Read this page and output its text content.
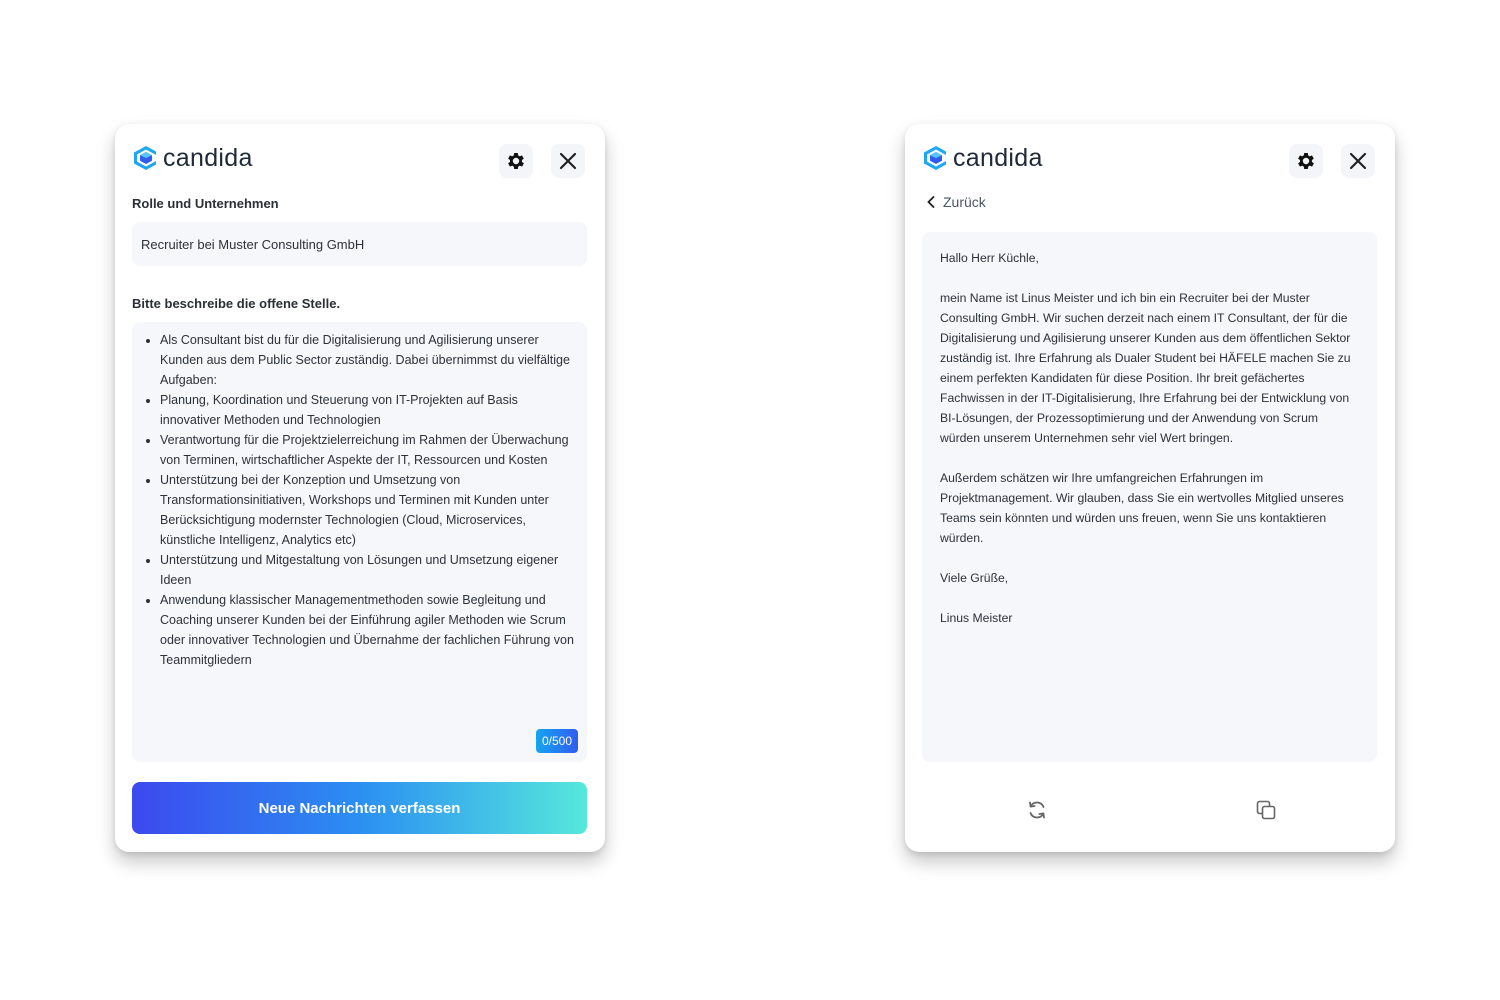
candida
Rolle und Unternehmen
Recruiter bei Muster Consulting GmbH
Bitte beschreibe die offene Stelle.
• Als Consultant bist du für die Digitalisierung und Agilisierung unserer Kunden aus dem Public Sector zuständig. Dabei übernimmst du vielfältige Aufgaben:
• Planung, Koordination und Steuerung von IT-Projekten auf Basis innovativer Methoden und Technologien
• Verantwortung für die Projektzielerreichung im Rahmen der Überwachung von Terminen, wirtschaftlicher Aspekte der IT, Ressourcen und Kosten
• Unterstützung bei der Konzeption und Umsetzung von Transformationsinitiativen, Workshops und Terminen mit Kunden unter Berücksichtigung modernster Technologien (Cloud, Microservices, künstliche Intelligenz, Analytics etc)
• Unterstützung und Mitgestaltung von Lösungen und Umsetzung eigener Ideen
• Anwendung klassischer Managementmethoden sowie Begleitung und Coaching unserer Kunden bei der Einführung agiler Methoden wie Scrum oder innovativer Technologien und Übernahme der fachlichen Führung von Teammitgliedern
0/500
Neue Nachrichten verfassen
candida
Zurück

Hallo Herr Küchle,

mein Name ist Linus Meister und ich bin ein Recruiter bei der Muster Consulting GmbH. Wir suchen derzeit nach einem IT Consultant, der für die Digitalisierung und Agilisierung unserer Kunden aus dem öffentlichen Sektor zuständig ist. Ihre Erfahrung als Dualer Student bei HÄFELE machen Sie zu einem perfekten Kandidaten für diese Position. Ihr breit gefächertes Fachwissen in der IT-Digitalisierung, Ihre Erfahrung bei der Entwicklung von BI-Lösungen, der Prozessoptimierung und der Anwendung von Scrum würden unserem Unternehmen sehr viel Wert bringen.

Außerdem schätzen wir Ihre umfangreichen Erfahrungen im Projektmanagement. Wir glauben, dass Sie ein wertvolles Mitglied unseres Teams sein könnten und würden uns freuen, wenn Sie uns kontaktieren würden.

Viele Grüße,

Linus Meister
